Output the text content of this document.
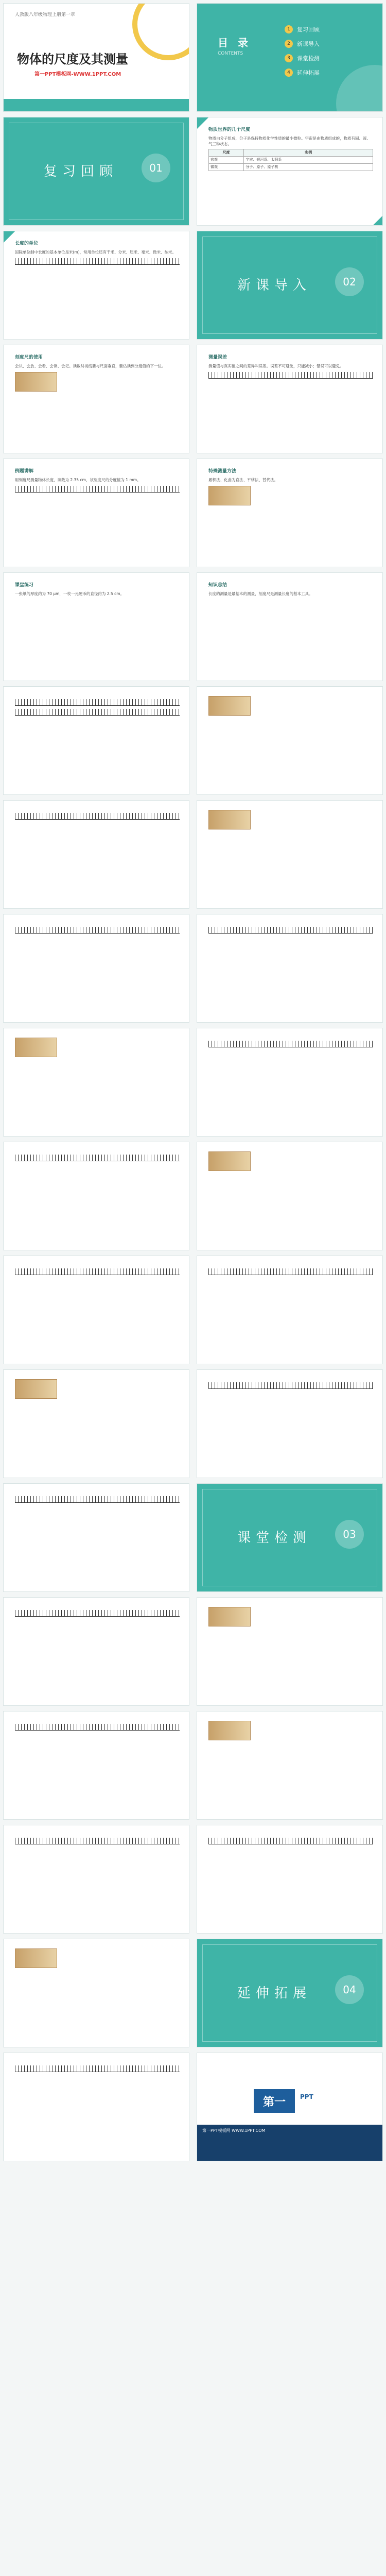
人教版八年级物理上册第一章
物体的尺度及其测量
第一PPT模板网-WWW.1PPT.COM
目 录
CONTENTS
1	复习回顾
2	新课导入
3	课堂检测
4	延伸拓展
复习回顾	01
物质世界的几个尺度
物质由分子组成，分子是保持物质化学性质的最小微粒。宇宙是由物质组成的，物质有固、液、气三种状态。
尺度	实例
宏观	宇宙、银河系、太阳系
微观	分子、原子、原子核
长度的单位
国际单位制中长度的基本单位是米(m)，常用单位还有千米、分米、厘米、毫米、微米、纳米。
新课导入	02
刻度尺的使用
会认、会放、会看、会读、会记。读数时视线要与尺面垂直，要估读到分度值的下一位。
测量误差
测量值与真实值之间的差异叫误差。误差不可避免，只能减小；错误可以避免。
例题讲解
用刻度尺测量物体长度，读数为 2.35 cm，该刻度尺的分度值为 1 mm。
特殊测量方法
累积法、化曲为直法、平移法、替代法。
课堂练习
一张纸的厚度约为 70 μm，一枚一元硬币的直径约为 2.5 cm。
知识总结
长度的测量是最基本的测量，刻度尺是测量长度的基本工具。
课堂检测	03
延伸拓展	04
第一	PPT
第一PPT模板网 WWW.1PPT.COM
